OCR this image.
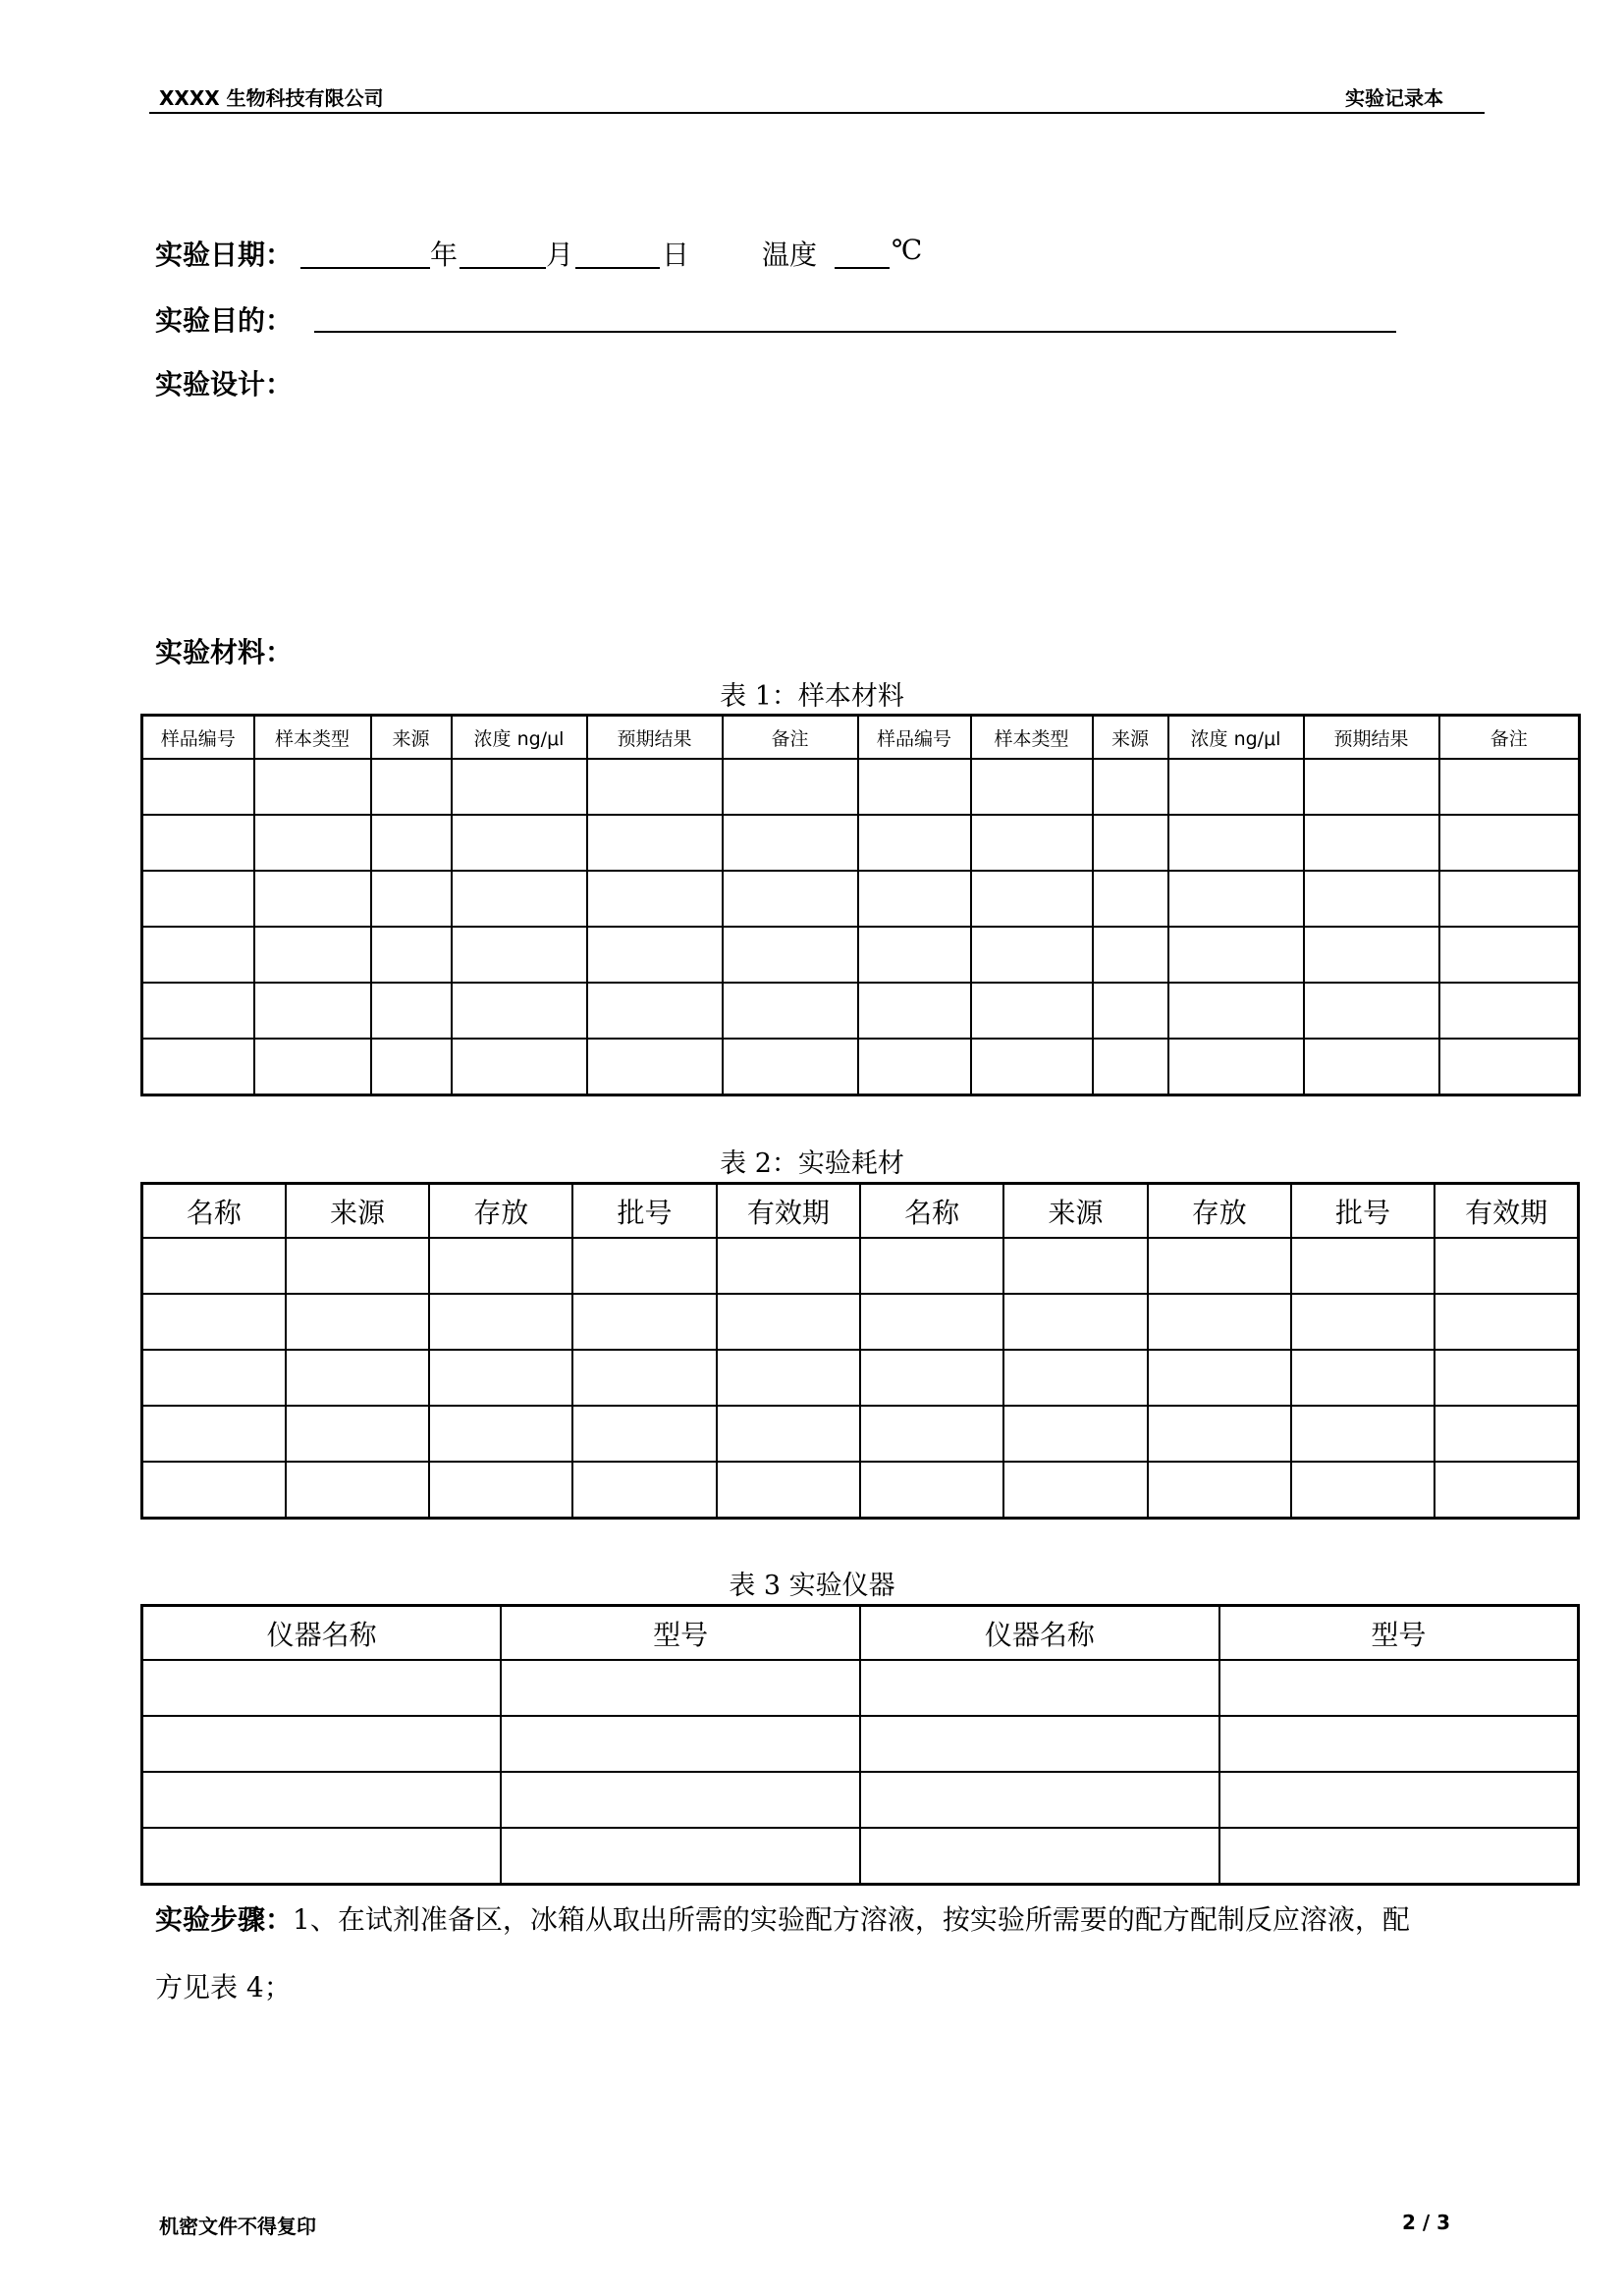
XXXX 生物科技有限公司	实验记录本
实验日期：	年	月	日	温度	℃
实验目的：
实验设计：
实验材料：
表 1：样本材料
样品编号	样本类型	来源	浓度 ng/μl	预期结果	备注	样品编号	样本类型	来源	浓度 ng/μl	预期结果	备注

表 2：实验耗材
名称	来源	存放	批号	有效期	名称	来源	存放	批号	有效期

表 3 实验仪器
仪器名称	型号	仪器名称	型号

实验步骤：1、在试剂准备区，冰箱从取出所需的实验配方溶液，按实验所需要的配方配制反应溶液，配
方见表 4；
机密文件不得复印	2 / 3
